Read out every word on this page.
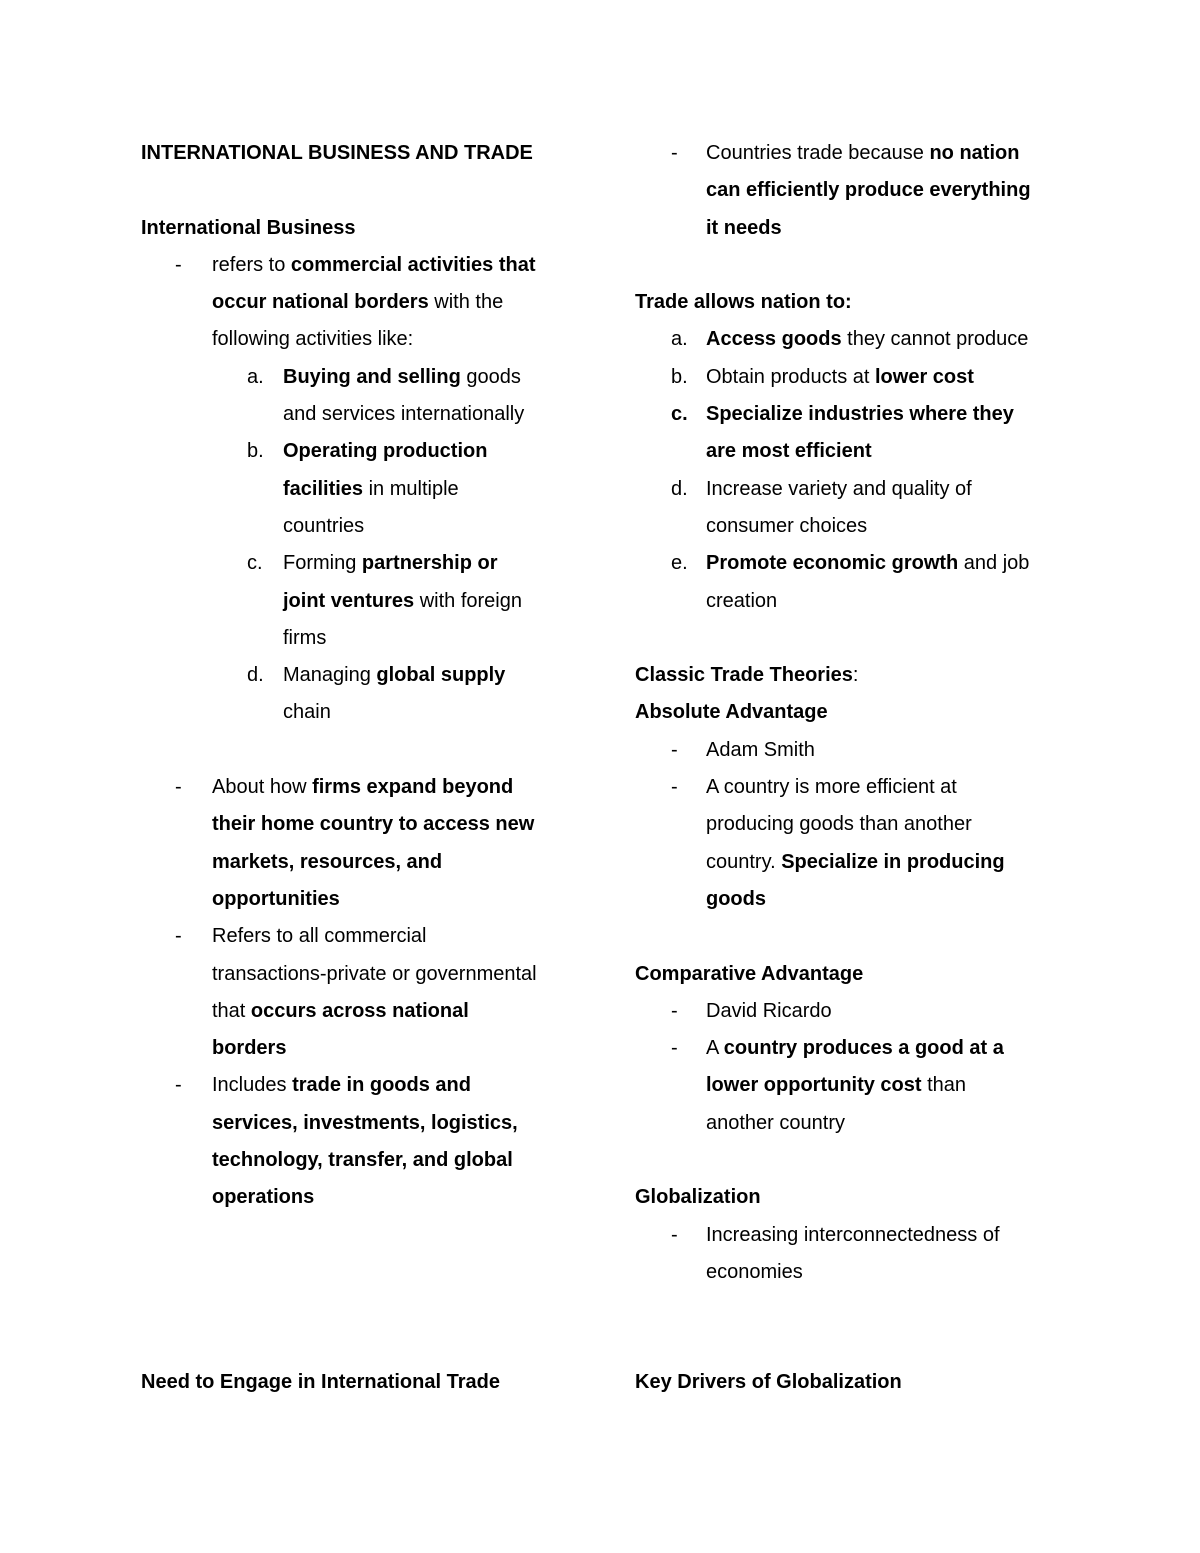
INTERNATIONAL BUSINESS AND TRADE
International Business
- refers to commercial activities that
occur national borders with the
following activities like:
a. Buying and selling goods
and services internationally
b. Operating production
facilities in multiple
countries
c. Forming partnership or
joint ventures with foreign
firms
d. Managing global supply
chain
- About how firms expand beyond
their home country to access new
markets, resources, and
opportunities
- Refers to all commercial
transactions-private or governmental
that occurs across national
borders
- Includes trade in goods and
services, investments, logistics,
technology, transfer, and global
operations
Need to Engage in International Trade
- Countries trade because no nation
can efficiently produce everything
it needs
Trade allows nation to:
a. Access goods they cannot produce
b. Obtain products at lower cost
c. Specialize industries where they
are most efficient
d. Increase variety and quality of
consumer choices
e. Promote economic growth and job
creation
Classic Trade Theories:
Absolute Advantage
- Adam Smith
- A country is more efficient at
producing goods than another
country. Specialize in producing
goods
Comparative Advantage
- David Ricardo
- A country produces a good at a
lower opportunity cost than
another country
Globalization
- Increasing interconnectedness of
economies
Key Drivers of Globalization
